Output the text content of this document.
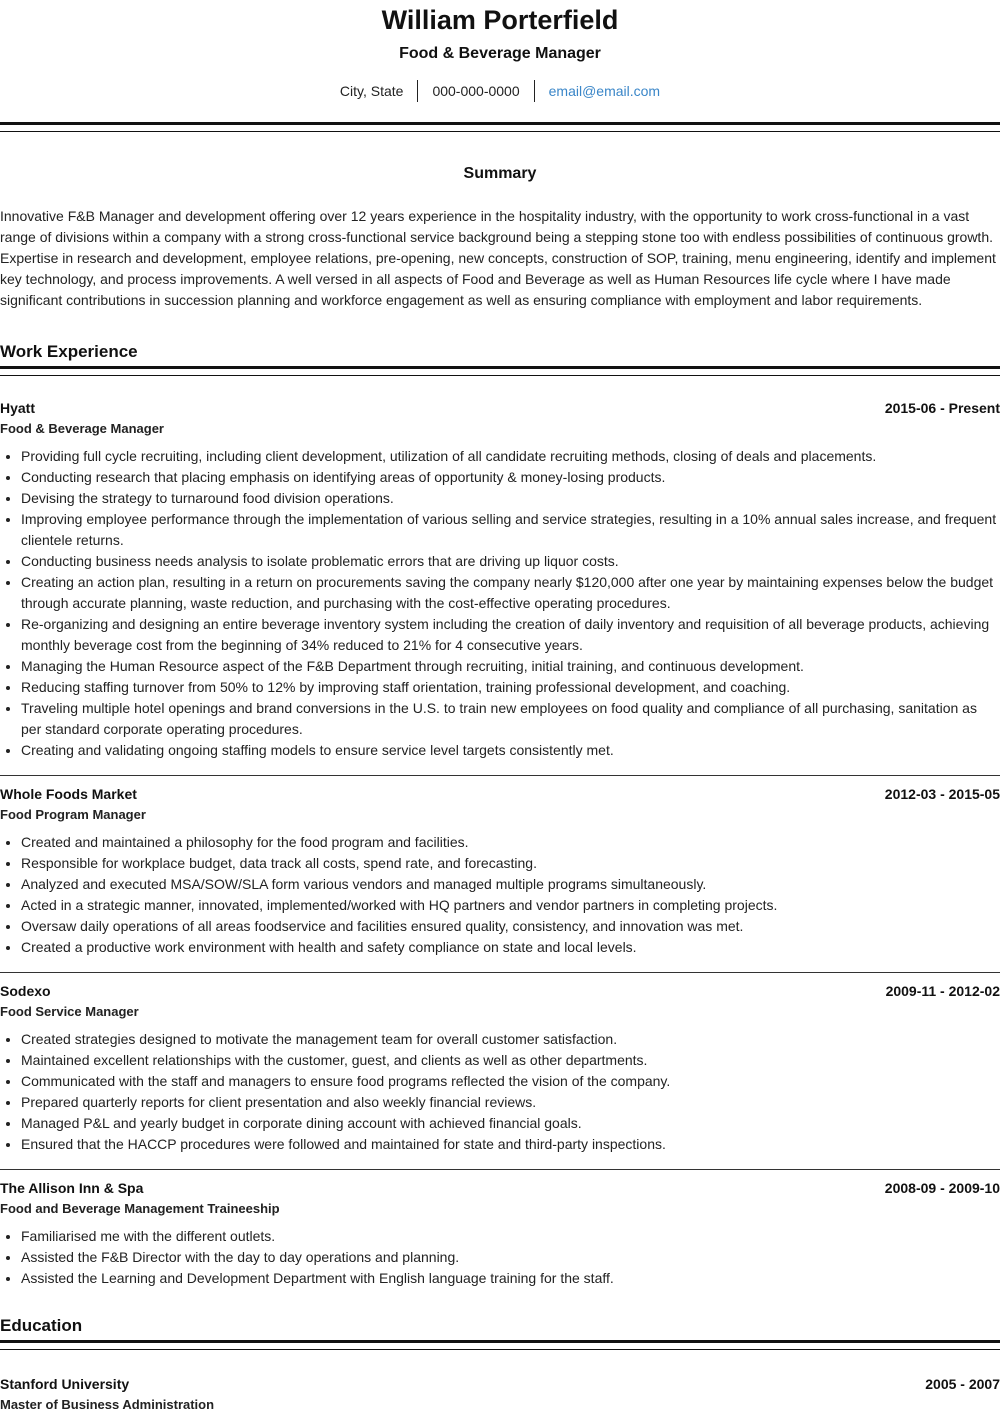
William Porterfield
Food & Beverage Manager
City, State	000-000-0000	email@email.com
Summary
Innovative F&B Manager and development offering over 12 years experience in the hospitality industry, with the opportunity to work cross-functional in a vast range of divisions within a company with a strong cross-functional service background being a stepping stone too with endless possibilities of continuous growth. Expertise in research and development, employee relations, pre-opening, new concepts, construction of SOP, training, menu engineering, identify and implement key technology, and process improvements. A well versed in all aspects of Food and Beverage as well as Human Resources life cycle where I have made significant contributions in succession planning and workforce engagement as well as ensuring compliance with employment and labor requirements.
Work Experience
Hyatt	2015-06 - Present
Food & Beverage Manager
• Providing full cycle recruiting, including client development, utilization of all candidate recruiting methods, closing of deals and placements.
• Conducting research that placing emphasis on identifying areas of opportunity & money-losing products.
• Devising the strategy to turnaround food division operations.
• Improving employee performance through the implementation of various selling and service strategies, resulting in a 10% annual sales increase, and frequent clientele returns.
• Conducting business needs analysis to isolate problematic errors that are driving up liquor costs.
• Creating an action plan, resulting in a return on procurements saving the company nearly $120,000 after one year by maintaining expenses below the budget through accurate planning, waste reduction, and purchasing with the cost-effective operating procedures.
• Re-organizing and designing an entire beverage inventory system including the creation of daily inventory and requisition of all beverage products, achieving monthly beverage cost from the beginning of 34% reduced to 21% for 4 consecutive years.
• Managing the Human Resource aspect of the F&B Department through recruiting, initial training, and continuous development.
• Reducing staffing turnover from 50% to 12% by improving staff orientation, training professional development, and coaching.
• Traveling multiple hotel openings and brand conversions in the U.S. to train new employees on food quality and compliance of all purchasing, sanitation as per standard corporate operating procedures.
• Creating and validating ongoing staffing models to ensure service level targets consistently met.
Whole Foods Market	2012-03 - 2015-05
Food Program Manager
• Created and maintained a philosophy for the food program and facilities.
• Responsible for workplace budget, data track all costs, spend rate, and forecasting.
• Analyzed and executed MSA/SOW/SLA form various vendors and managed multiple programs simultaneously.
• Acted in a strategic manner, innovated, implemented/worked with HQ partners and vendor partners in completing projects.
• Oversaw daily operations of all areas foodservice and facilities ensured quality, consistency, and innovation was met.
• Created a productive work environment with health and safety compliance on state and local levels.
Sodexo	2009-11 - 2012-02
Food Service Manager
• Created strategies designed to motivate the management team for overall customer satisfaction.
• Maintained excellent relationships with the customer, guest, and clients as well as other departments.
• Communicated with the staff and managers to ensure food programs reflected the vision of the company.
• Prepared quarterly reports for client presentation and also weekly financial reviews.
• Managed P&L and yearly budget in corporate dining account with achieved financial goals.
• Ensured that the HACCP procedures were followed and maintained for state and third-party inspections.
The Allison Inn & Spa	2008-09 - 2009-10
Food and Beverage Management Traineeship
• Familiarised me with the different outlets.
• Assisted the F&B Director with the day to day operations and planning.
• Assisted the Learning and Development Department with English language training for the staff.
Education
Stanford University	2005 - 2007
Master of Business Administration
